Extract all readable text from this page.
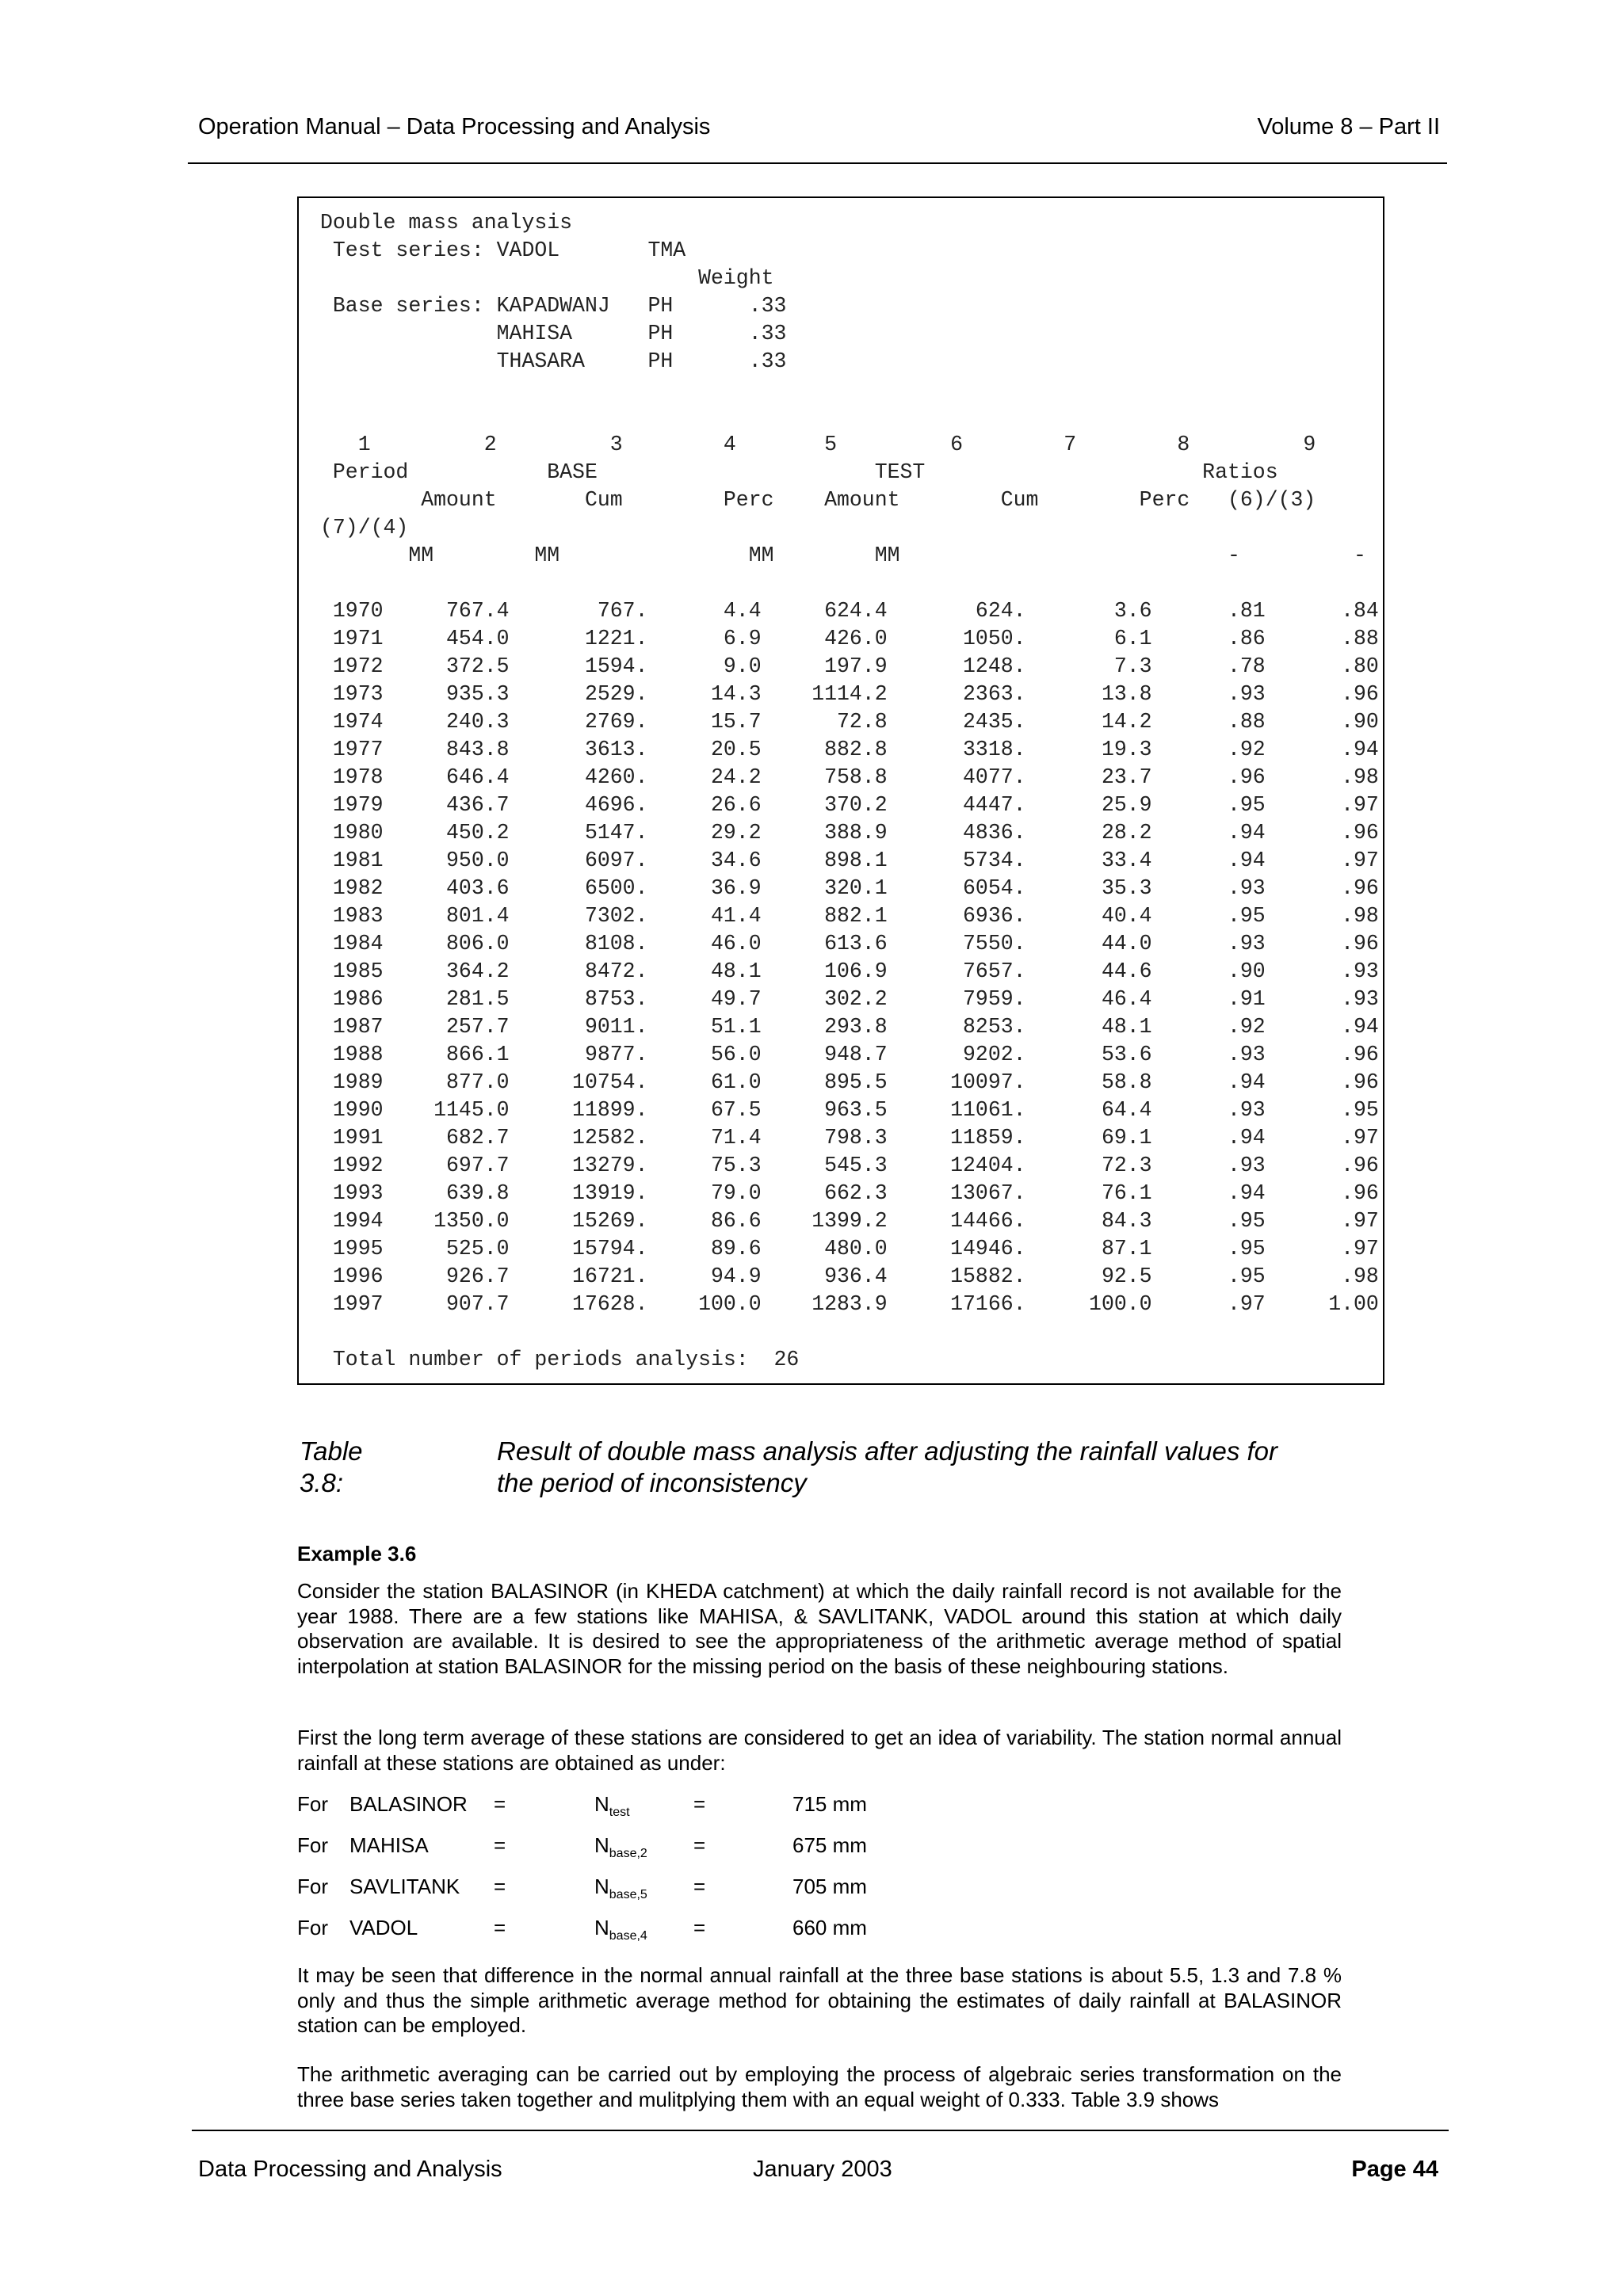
Operation Manual – Data Processing and Analysis	Volume 8 – Part II
Double mass analysis
Test series: VADOL       TMA
Weight
Base series: KAPADWANJ   PH      .33
MAHISA      PH      .33
THASARA     PH      .33

1         2         3        4       5         6        7        8         9
Period           BASE                      TEST                      Ratios
Amount       Cum        Perc    Amount        Cum        Perc   (6)/(3)
(7)/(4)
MM        MM               MM        MM                          -         -

1970     767.4       767.      4.4     624.4       624.       3.6      .81      .84
1971     454.0      1221.      6.9     426.0      1050.       6.1      .86      .88
1972     372.5      1594.      9.0     197.9      1248.       7.3      .78      .80
1973     935.3      2529.     14.3    1114.2      2363.      13.8      .93      .96
1974     240.3      2769.     15.7      72.8      2435.      14.2      .88      .90
1977     843.8      3613.     20.5     882.8      3318.      19.3      .92      .94
1978     646.4      4260.     24.2     758.8      4077.      23.7      .96      .98
1979     436.7      4696.     26.6     370.2      4447.      25.9      .95      .97
1980     450.2      5147.     29.2     388.9      4836.      28.2      .94      .96
1981     950.0      6097.     34.6     898.1      5734.      33.4      .94      .97
1982     403.6      6500.     36.9     320.1      6054.      35.3      .93      .96
1983     801.4      7302.     41.4     882.1      6936.      40.4      .95      .98
1984     806.0      8108.     46.0     613.6      7550.      44.0      .93      .96
1985     364.2      8472.     48.1     106.9      7657.      44.6      .90      .93
1986     281.5      8753.     49.7     302.2      7959.      46.4      .91      .93
1987     257.7      9011.     51.1     293.8      8253.      48.1      .92      .94
1988     866.1      9877.     56.0     948.7      9202.      53.6      .93      .96
1989     877.0     10754.     61.0     895.5     10097.      58.8      .94      .96
1990    1145.0     11899.     67.5     963.5     11061.      64.4      .93      .95
1991     682.7     12582.     71.4     798.3     11859.      69.1      .94      .97
1992     697.7     13279.     75.3     545.3     12404.      72.3      .93      .96
1993     639.8     13919.     79.0     662.3     13067.      76.1      .94      .96
1994    1350.0     15269.     86.6    1399.2     14466.      84.3      .95      .97
1995     525.0     15794.     89.6     480.0     14946.      87.1      .95      .97
1996     926.7     16721.     94.9     936.4     15882.      92.5      .95      .98
1997     907.7     17628.    100.0    1283.9     17166.     100.0      .97     1.00

Total number of periods analysis:  26

Table 3.8:
Result of double mass analysis after adjusting the rainfall values for the period of inconsistency
Example 3.6
Consider the station BALASINOR (in KHEDA catchment) at which the daily rainfall record is not available for the year 1988. There are a few stations like MAHISA, & SAVLITANK, VADOL around this station at which daily observation are available. It is desired to see the appropriateness of the arithmetic average method of spatial interpolation at station BALASINOR for the missing period on the basis of these neighbouring stations.
First the long term average of these stations are considered to get an idea of variability. The station normal annual rainfall at these stations are obtained as under:
For BALASINOR =	$N_{test}$	=	715 mm
For MAHISA	=	$N_{base,2}$ =	675 mm
For SAVLITANK =	$N_{base,5}$ =	705 mm
For VADOL	=	$N_{base,4}$ =	660 mm
It may be seen that difference in the normal annual rainfall at the three base stations is about 5.5, 1.3 and 7.8 % only and thus the simple arithmetic average method for obtaining the estimates of daily rainfall at BALASINOR station can be employed.
The arithmetic averaging can be carried out by employing the process of algebraic series transformation on the three base series taken together and mulitplying them with an equal weight of 0.333. Table 3.9 shows
Data Processing and Analysis	January 2003	Page 44
